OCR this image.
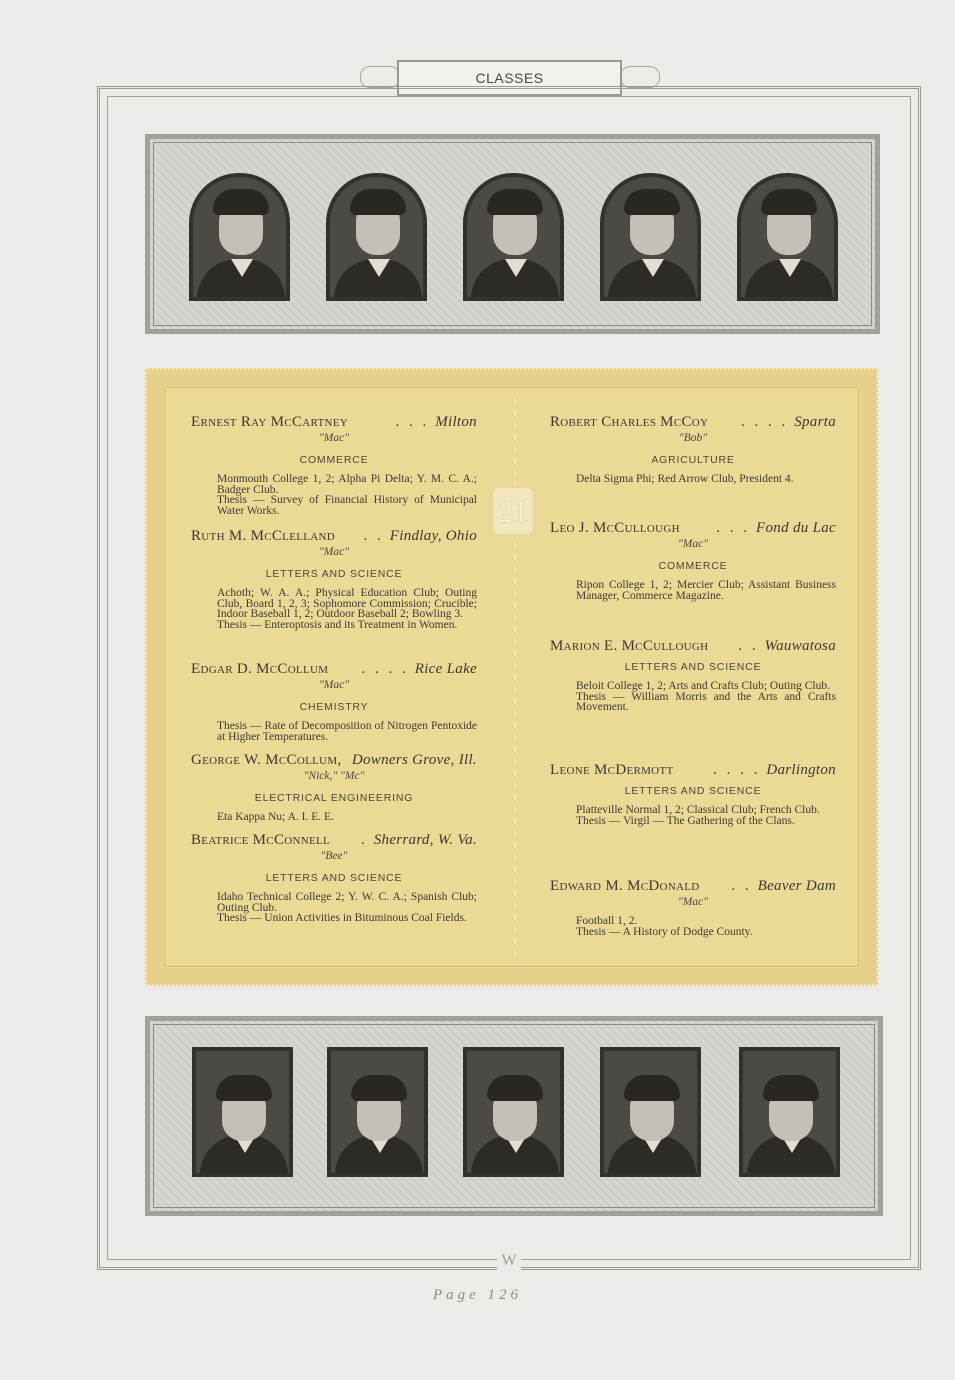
CLASSES
21
Ernest Ray McCartney	. . . Milton
"Mac"
COMMERCE
Monmouth College 1, 2; Alpha Pi Delta; Y. M. C. A.; Badger Club.
Thesis — Survey of Financial History of Municipal Water Works.
Ruth M. McClelland	. . Findlay, Ohio
"Mac"
LETTERS AND SCIENCE
Achoth; W. A. A.; Physical Education Club; Outing Club, Board 1, 2, 3; Sophomore Commission; Crucible; Indoor Baseball 1, 2; Outdoor Baseball 2; Bowling 3.
Thesis — Enteroptosis and its Treatment in Women.
Edgar D. McCollum	. . . . Rice Lake
"Mac"
CHEMISTRY
Thesis — Rate of Decomposition of Nitrogen Pentoxide at Higher Temperatures.
George W. McCollum, Downers Grove, Ill.
"Nick," "Mc"
ELECTRICAL ENGINEERING
Eta Kappa Nu; A. I. E. E.
Beatrice McConnell	. Sherrard, W. Va.
"Bee"
LETTERS AND SCIENCE
Idaho Technical College 2; Y. W. C. A.; Spanish Club; Outing Club.
Thesis — Union Activities in Bituminous Coal Fields.
Robert Charles McCoy	. . . . Sparta
"Bob"
AGRICULTURE
Delta Sigma Phi; Red Arrow Club, President 4.
Leo J. McCullough	. . . Fond du Lac
"Mac"
COMMERCE
Ripon College 1, 2; Mercier Club; Assistant Business Manager, Commerce Magazine.
Marion E. McCullough	. . Wauwatosa
LETTERS AND SCIENCE
Beloit College 1, 2; Arts and Crafts Club; Outing Club.
Thesis — William Morris and the Arts and Crafts Movement.
Leone McDermott	. . . . Darlington
LETTERS AND SCIENCE
Platteville Normal 1, 2; Classical Club; French Club.
Thesis — Virgil — The Gathering of the Clans.
Edward M. McDonald	. . Beaver Dam
"Mac"
Football 1, 2.
Thesis — A History of Dodge County.
W
Page 126
